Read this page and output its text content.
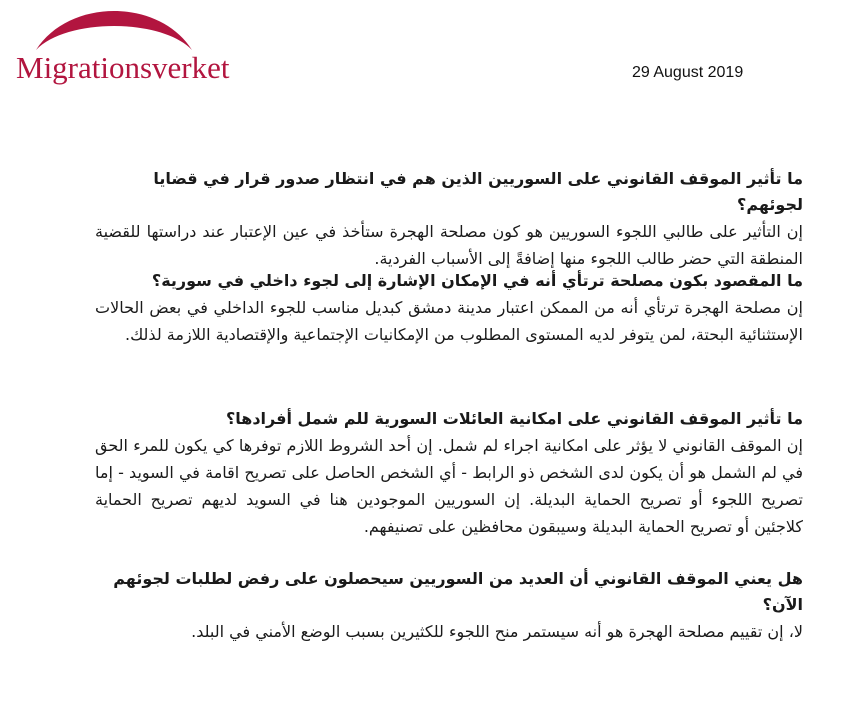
Migrationsverket	29 August 2019

ما تأثير الموقف القانوني على السوريين الذين هم في انتظار صدور قرار في قضايا لجوئهم؟

إن التأثير على طالبي اللجوء السوريين هو كون مصلحة الهجرة ستأخذ في عين الإعتبار عند دراستها للقضية المنطقة التي حضر طالب اللجوء منها إضافةً إلى الأسباب الفردية.

ما المقصود بكون مصلحة ترتأي أنه في الإمكان الإشارة إلى لجوء داخلي في سورية؟

إن مصلحة الهجرة ترتأي أنه من الممكن اعتبار مدينة دمشق كبديل مناسب للجوء الداخلي في بعض الحالات الإستثنائية البحتة، لمن يتوفر لديه المستوى المطلوب من الإمكانيات الإجتماعية والإقتصادية اللازمة لذلك.

ما تأثير الموقف القانوني على امكانية العائلات السورية للم شمل أفرادها؟

إن الموقف القانوني لا يؤثر على امكانية اجراء لم شمل. إن أحد الشروط اللازم توفرها كي يكون للمرء الحق في لم الشمل هو أن يكون لدى الشخص ذو الرابط - أي الشخص الحاصل على تصريح اقامة في السويد - إما تصريح اللجوء أو تصريح الحماية البديلة. إن السوريين الموجودين هنا في السويد لديهم تصريح الحماية كلاجئين أو تصريح الحماية البديلة وسيبقون محافظين على تصنيفهم.

هل يعني الموقف القانوني أن العديد من السوريين سيحصلون على رفض لطلبات لجوئهم الآن؟

لا، إن تقييم مصلحة الهجرة هو أنه سيستمر منح اللجوء للكثيرين بسبب الوضع الأمني في البلد.
